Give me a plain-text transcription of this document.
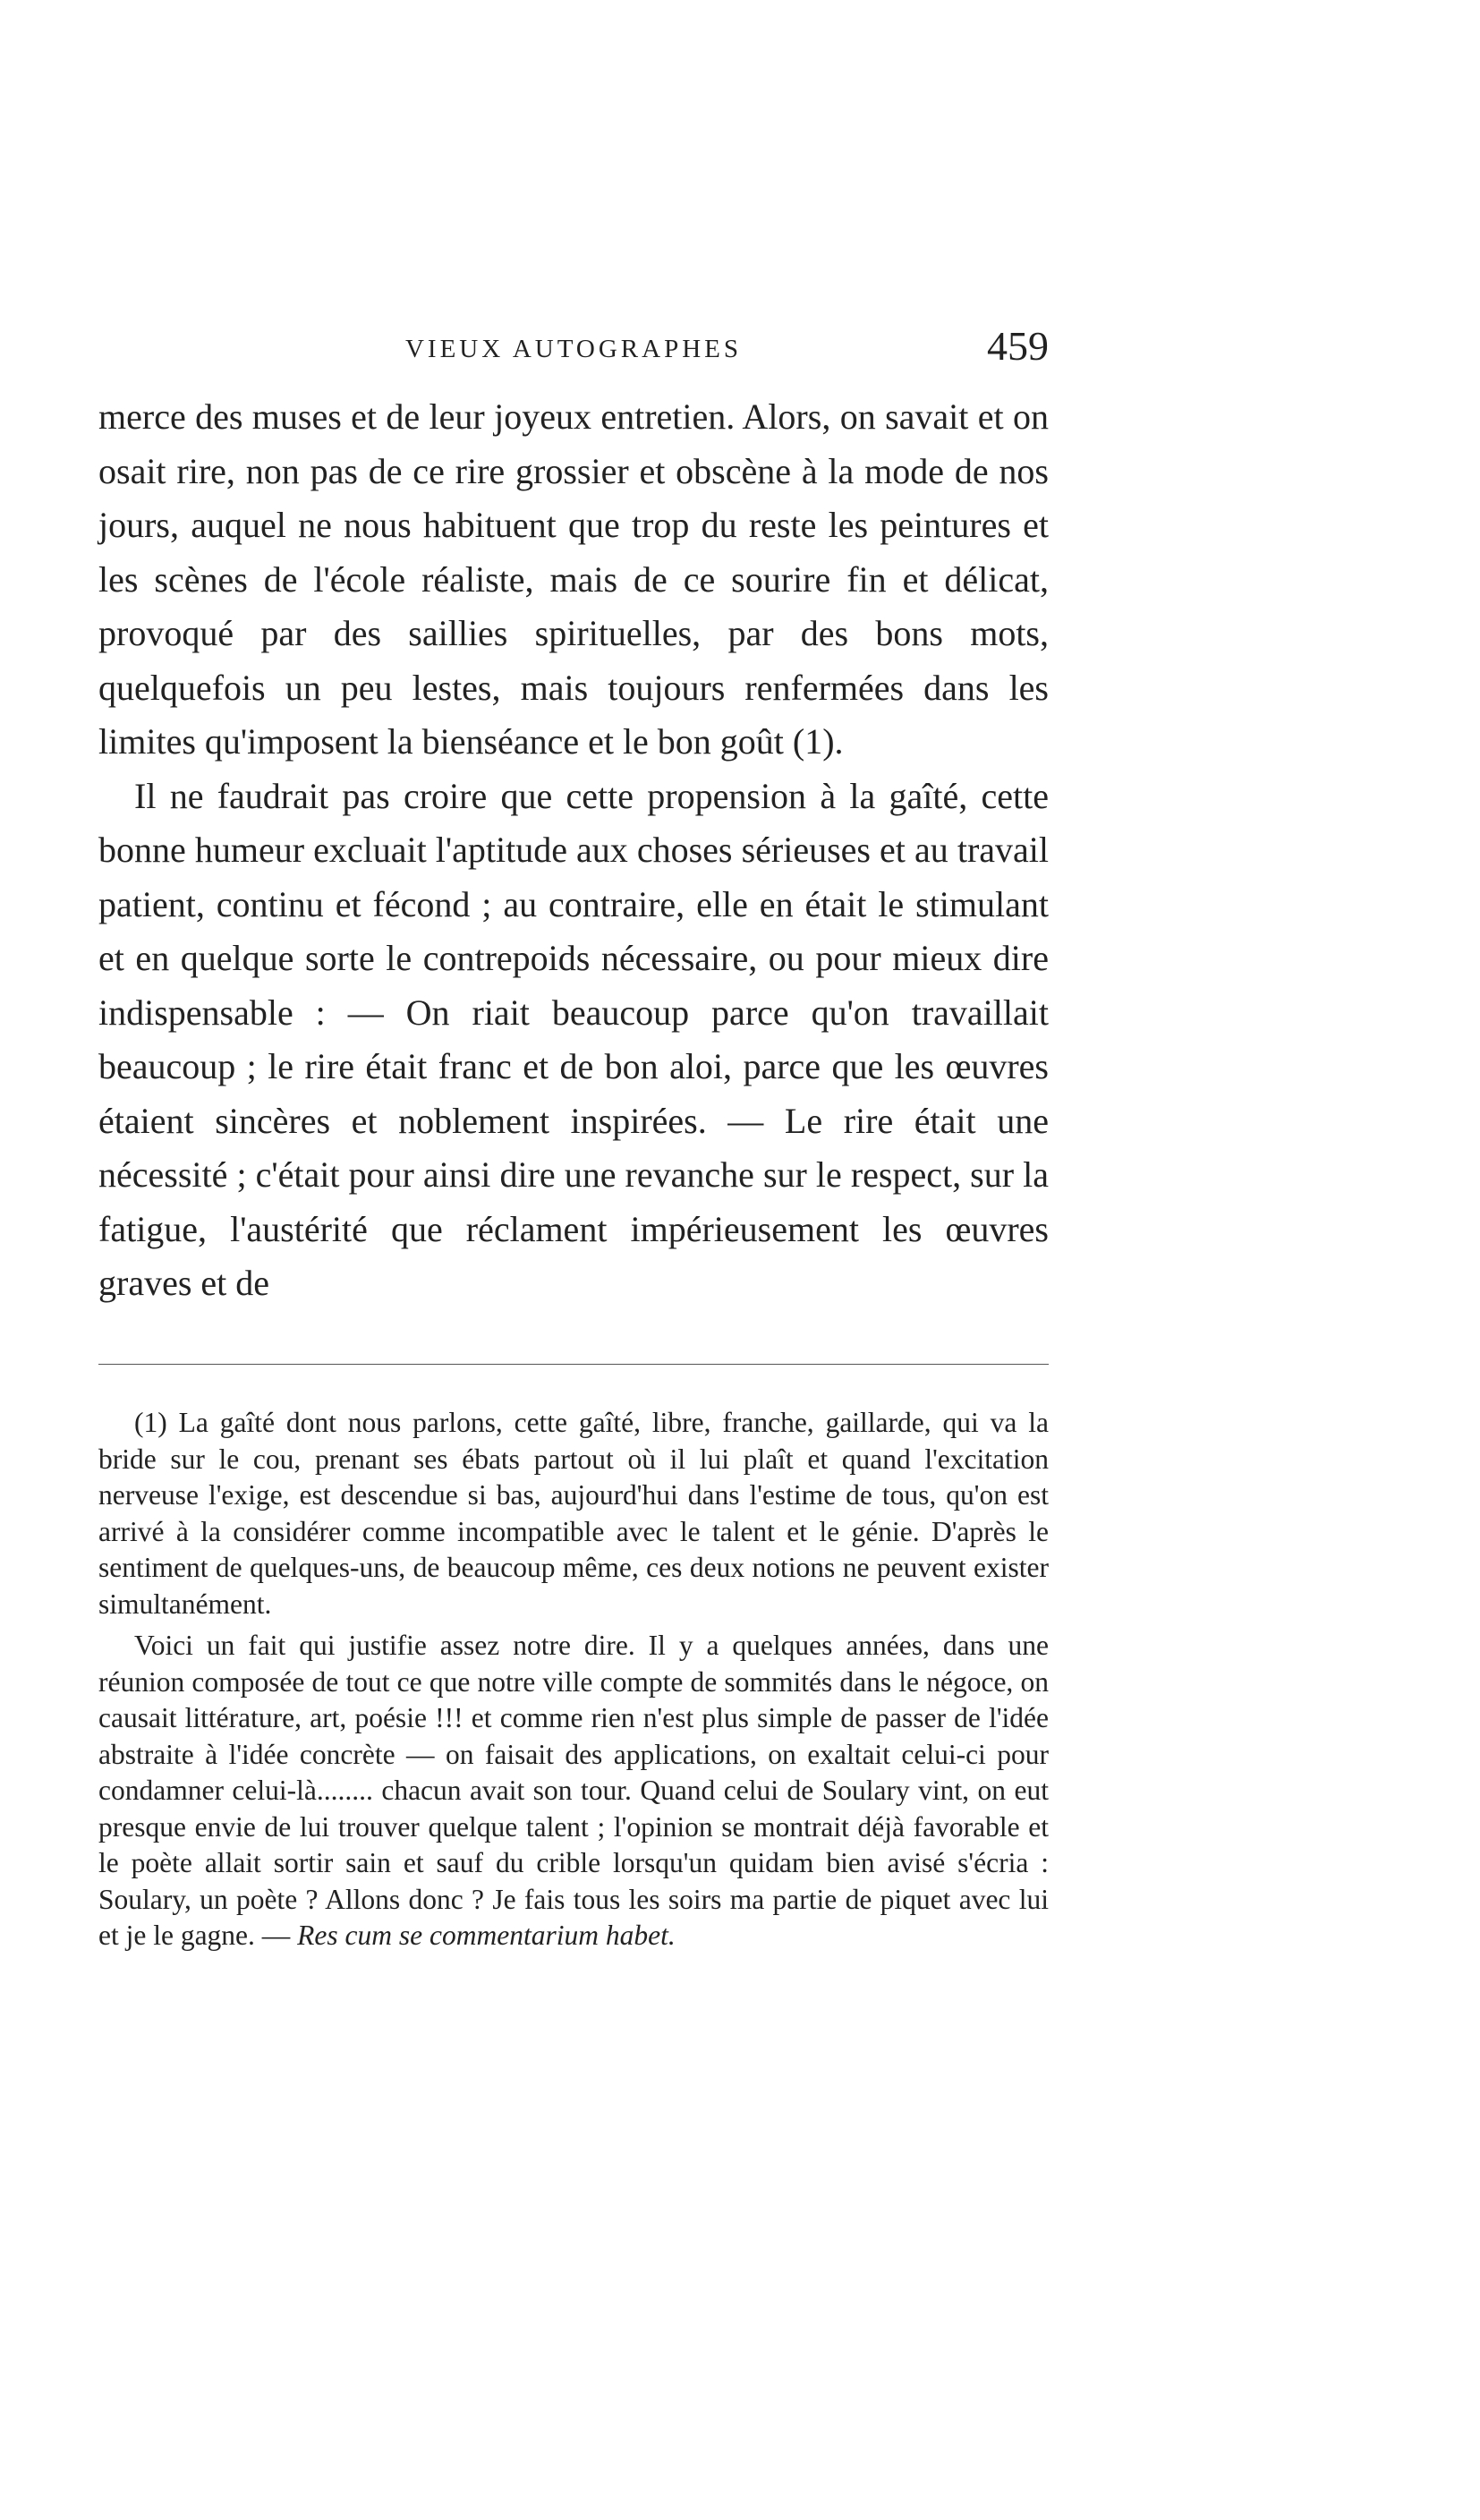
VIEUX AUTOGRAPHES	459

merce des muses et de leur joyeux entretien. Alors, on savait et on osait rire, non pas de ce rire grossier et obscène à la mode de nos jours, auquel ne nous habituent que trop du reste les peintures et les scènes de l'école réaliste, mais de ce sourire fin et délicat, provoqué par des saillies spirituelles, par des bons mots, quelquefois un peu lestes, mais toujours renfermées dans les limites qu'imposent la bienséance et le bon goût (1).

Il ne faudrait pas croire que cette propension à la gaîté, cette bonne humeur excluait l'aptitude aux choses sérieuses et au travail patient, continu et fécond ; au contraire, elle en était le stimulant et en quelque sorte le contrepoids nécessaire, ou pour mieux dire indispensable : — On riait beaucoup parce qu'on travaillait beaucoup ; le rire était franc et de bon aloi, parce que les œuvres étaient sincères et noblement inspirées. — Le rire était une nécessité ; c'était pour ainsi dire une revanche sur le respect, sur la fatigue, l'austérité que réclament impérieusement les œuvres graves et de

(1) La gaîté dont nous parlons, cette gaîté, libre, franche, gaillarde, qui va la bride sur le cou, prenant ses ébats partout où il lui plaît et quand l'excitation nerveuse l'exige, est descendue si bas, aujourd'hui dans l'estime de tous, qu'on est arrivé à la considérer comme incompatible avec le talent et le génie. D'après le sentiment de quelques-uns, de beaucoup même, ces deux notions ne peuvent exister simultanément.

Voici un fait qui justifie assez notre dire. Il y a quelques années, dans une réunion composée de tout ce que notre ville compte de sommités dans le négoce, on causait littérature, art, poésie !!! et comme rien n'est plus simple de passer de l'idée abstraite à l'idée concrète — on faisait des applications, on exaltait celui-ci pour condamner celui-là........ chacun avait son tour. Quand celui de Soulary vint, on eut presque envie de lui trouver quelque talent ; l'opinion se montrait déjà favorable et le poète allait sortir sain et sauf du crible lorsqu'un quidam bien avisé s'écria : Soulary, un poète ? Allons donc ? Je fais tous les soirs ma partie de piquet avec lui et je le gagne. — Res cum se commentarium habet.
